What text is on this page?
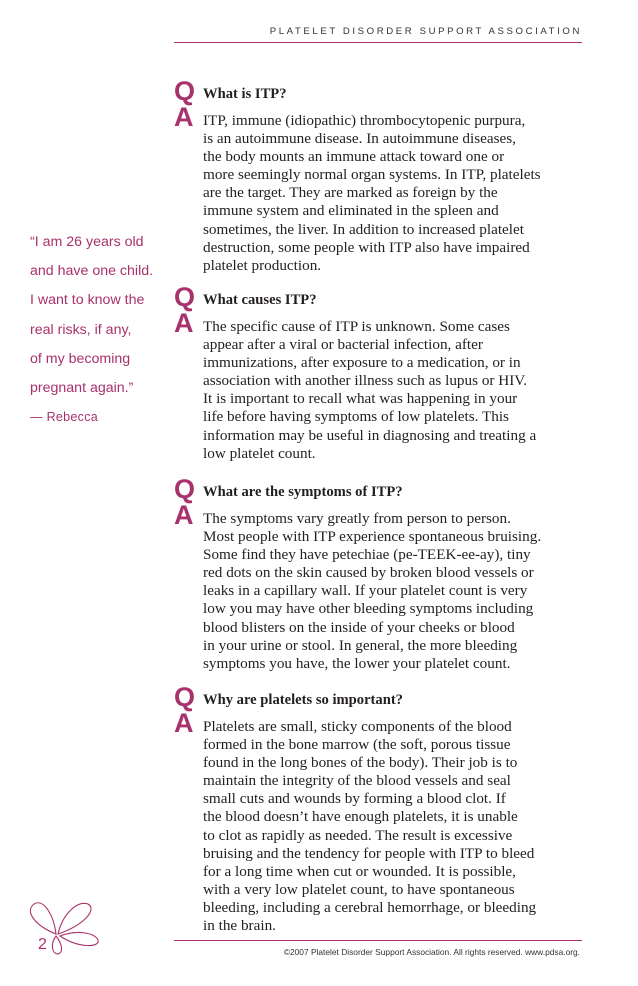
PLATELET DISORDER SUPPORT ASSOCIATION
“I am 26 years old
and have one child.
I want to know the
real risks, if any,
of my becoming
pregnant again.”
— Rebecca
Q What is ITP?
A ITP, immune (idiopathic) thrombocytopenic purpura,
is an autoimmune disease. In autoimmune diseases,
the body mounts an immune attack toward one or
more seemingly normal organ systems. In ITP, platelets
are the target. They are marked as foreign by the
immune system and eliminated in the spleen and
sometimes, the liver. In addition to increased platelet
destruction, some people with ITP also have impaired
platelet production.
Q What causes ITP?
A The specific cause of ITP is unknown. Some cases
appear after a viral or bacterial infection, after
immunizations, after exposure to a medication, or in
association with another illness such as lupus or HIV.
It is important to recall what was happening in your
life before having symptoms of low platelets. This
information may be useful in diagnosing and treating a
low platelet count.
Q What are the symptoms of ITP?
A The symptoms vary greatly from person to person.
Most people with ITP experience spontaneous bruising.
Some find they have petechiae (pe-TEEK-ee-ay), tiny
red dots on the skin caused by broken blood vessels or
leaks in a capillary wall. If your platelet count is very
low you may have other bleeding symptoms including
blood blisters on the inside of your cheeks or blood
in your urine or stool. In general, the more bleeding
symptoms you have, the lower your platelet count.
Q Why are platelets so important?
A Platelets are small, sticky components of the blood
formed in the bone marrow (the soft, porous tissue
found in the long bones of the body). Their job is to
maintain the integrity of the blood vessels and seal
small cuts and wounds by forming a blood clot. If
the blood doesn’t have enough platelets, it is unable
to clot as rapidly as needed. The result is excessive
bruising and the tendency for people with ITP to bleed
for a long time when cut or wounded. It is possible,
with a very low platelet count, to have spontaneous
bleeding, including a cerebral hemorrhage, or bleeding
in the brain.
2	©2007 Platelet Disorder Support Association. All rights reserved. www.pdsa.org.
